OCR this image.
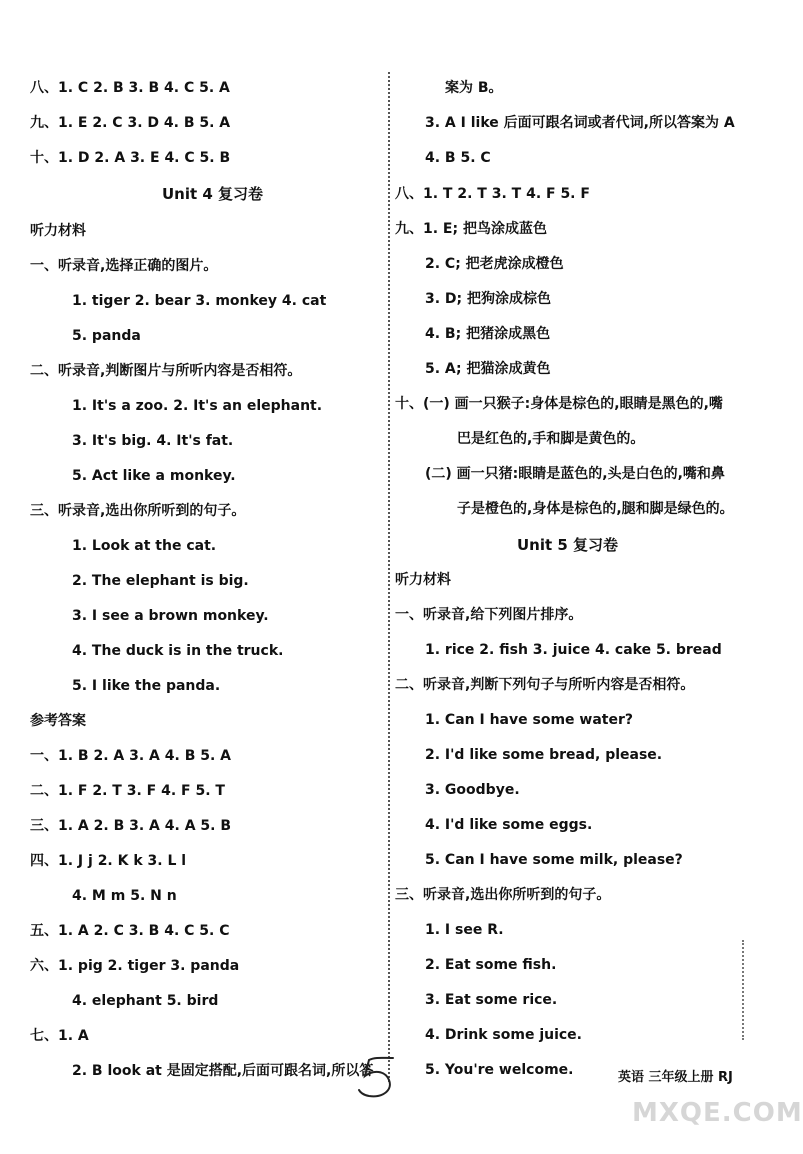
八、1. C 2. B 3. B 4. C 5. A
九、1. E 2. C 3. D 4. B 5. A
十、1. D 2. A 3. E 4. C 5. B
Unit 4 复习卷
听力材料
一、听录音,选择正确的图片。
1. tiger 2. bear 3. monkey 4. cat
5. panda
二、听录音,判断图片与所听内容是否相符。
1. It's a zoo. 2. It's an elephant.
3. It's big. 4. It's fat.
5. Act like a monkey.
三、听录音,选出你所听到的句子。
1. Look at the cat.
2. The elephant is big.
3. I see a brown monkey.
4. The duck is in the truck.
5. I like the panda.
参考答案
一、1. B 2. A 3. A 4. B 5. A
二、1. F 2. T 3. F 4. F 5. T
三、1. A 2. B 3. A 4. A 5. B
四、1. J j 2. K k 3. L l
4. M m 5. N n
五、1. A 2. C 3. B 4. C 5. C
六、1. pig 2. tiger 3. panda
4. elephant 5. bird
七、1. A
2. B look at 是固定搭配,后面可跟名词,所以答
案为 B。
3. A I like 后面可跟名词或者代词,所以答案为 A
4. B 5. C
八、1. T 2. T 3. T 4. F 5. F
九、1. E; 把鸟涂成蓝色
2. C; 把老虎涂成橙色
3. D; 把狗涂成棕色
4. B; 把猪涂成黑色
5. A; 把猫涂成黄色
十、(一) 画一只猴子:身体是棕色的,眼睛是黑色的,嘴
巴是红色的,手和脚是黄色的。
(二) 画一只猪:眼睛是蓝色的,头是白色的,嘴和鼻
子是橙色的,身体是棕色的,腿和脚是绿色的。
Unit 5 复习卷
听力材料
一、听录音,给下列图片排序。
1. rice 2. fish 3. juice 4. cake 5. bread
二、听录音,判断下列句子与所听内容是否相符。
1. Can I have some water?
2. I'd like some bread, please.
3. Goodbye.
4. I'd like some eggs.
5. Can I have some milk, please?
三、听录音,选出你所听到的句子。
1. I see R.
2. Eat some fish.
3. Eat some rice.
4. Drink some juice.
5. You're welcome.	英语 三年级上册 RJ
MXQE.COM
